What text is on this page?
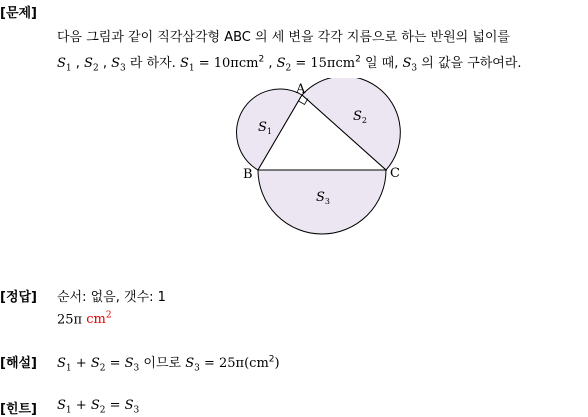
[문제]
다음 그림과 같이 직각삼각형 ABC 의 세 변을 각각 지름으로 하는 반원의 넓이를
$S_1$ , $S_2$ , $S_3$ 라 하자. $S_1 = 10\pi cm^2$ , $S_2 = 15\pi cm^2$ 일 때, $S_3$ 의 값을 구하여라.
A
B	C
$S_1$
$S_2$
$S_3$
[정답] 순서: 없음, 갯수: 1
25π $cm^2$
[해설] $S_1 + S_2 = S_3$ 이므로 $S_3 = 25\pi(cm^2)$
[힌트] $S_1 + S_2 = S_3$
